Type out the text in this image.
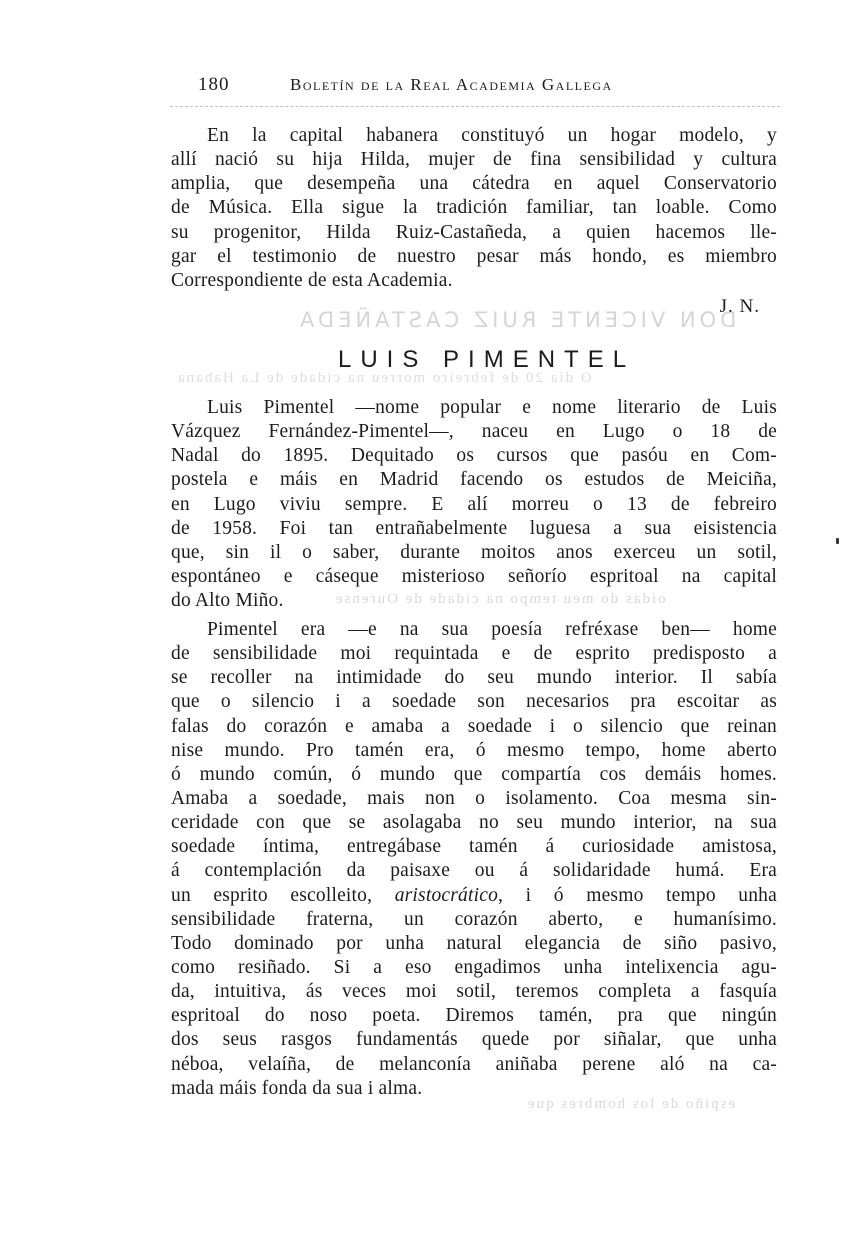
180	Boletín de la Real Academia Gallega
En la capital habanera constituyó un hogar modelo, y
allí nació su hija Hilda, mujer de fina sensibilidad y cultura
amplia, que desempeña una cátedra en aquel Conservatorio
de Música. Ella sigue la tradición familiar, tan loable. Como
su progenitor, Hilda Ruiz-Castañeda, a quien hacemos lle-
gar el testimonio de nuestro pesar más hondo, es miembro
Correspondiente de esta Academia.
DON VICENTE RUIZ CASTAÑEDA
J. N.
LUIS PIMENTEL
O día 20 de febreiro morreu na cidade de La Habana
Luis Pimentel —nome popular e nome literario de Luis
Vázquez Fernández-Pimentel—, naceu en Lugo o 18 de
Nadal do 1895. Dequitado os cursos que pasóu en Com-
postela e máis en Madrid facendo os estudos de Meiciña,
en Lugo viviu sempre. E alí morreu o 13 de febreiro
de 1958. Foi tan entrañabelmente luguesa a sua eisistencia
que, sin il o saber, durante moitos anos exerceu un sotil,
espontáneo e cáseque misterioso señorío espritoal na capital
do Alto Miño.	oídas do meu tempo na cidade de Ourense
Pimentel era —e na sua poesía refréxase ben— home
de sensibilidade moi requintada e de esprito predisposto a
se recoller na intimidade do seu mundo interior. Il sabía
que o silencio i a soedade son necesarios pra escoitar as
falas do corazón e amaba a soedade i o silencio que reinan
nise mundo. Pro tamén era, ó mesmo tempo, home aberto
ó mundo común, ó mundo que compartía cos demáis homes.
Amaba a soedade, mais non o isolamento. Coa mesma sin-
ceridade con que se asolagaba no seu mundo interior, na sua
soedade íntima, entregábase tamén á curiosidade amistosa,
á contemplación da paisaxe ou á solidaridade humá. Era
un esprito escolleito, aristocrático, i ó mesmo tempo unha
sensibilidade fraterna, un corazón aberto, e humanísimo.
Todo dominado por unha natural elegancia de siño pasivo,
como resiñado. Si a eso engadimos unha intelixencia agu-
da, intuitiva, ás veces moi sotil, teremos completa a fasquía
espritoal do noso poeta. Diremos tamén, pra que ningún
dos seus rasgos fundamentás quede por siñalar, que unha
néboa, velaíña, de melanconía aniñaba perene aló na ca-
mada máis fonda da sua i alma.
espiño de los hombres que
